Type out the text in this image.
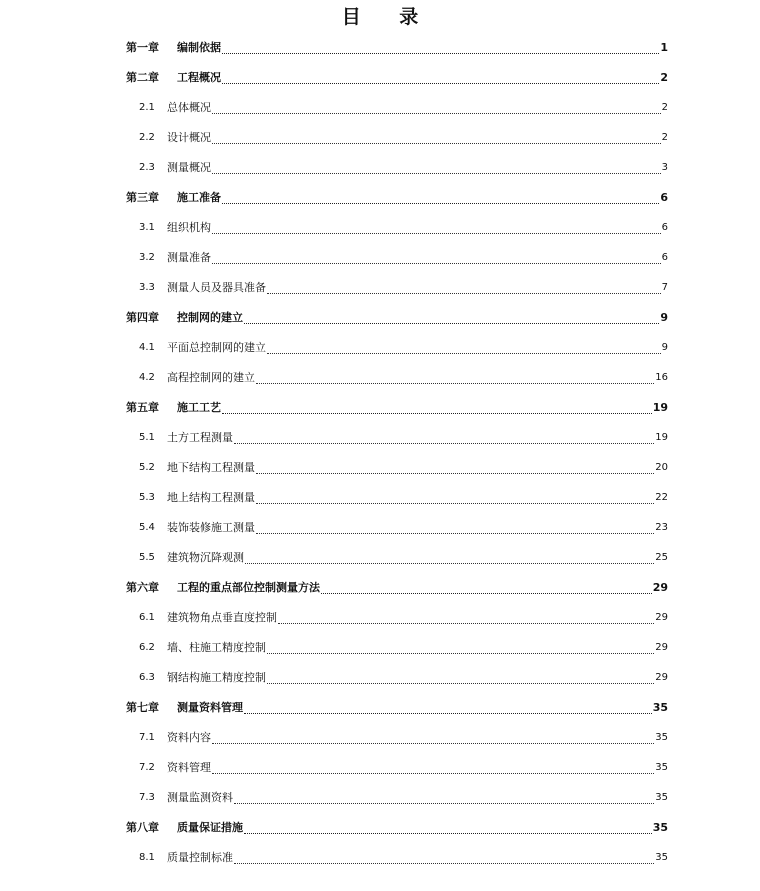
目 录
第一章	编制依据	1
第二章	工程概况	2
2.1	总体概况	2
2.2	设计概况	2
2.3	测量概况	3
第三章	施工准备	6
3.1	组织机构	6
3.2	测量准备	6
3.3	测量人员及器具准备	7
第四章	控制网的建立	9
4.1	平面总控制网的建立	9
4.2	高程控制网的建立	16
第五章	施工工艺	19
5.1	土方工程测量	19
5.2	地下结构工程测量	20
5.3	地上结构工程测量	22
5.4	装饰装修施工测量	23
5.5	建筑物沉降观测	25
第六章	工程的重点部位控制测量方法	29
6.1	建筑物角点垂直度控制	29
6.2	墙、柱施工精度控制	29
6.3	钢结构施工精度控制	29
第七章	测量资料管理	35
7.1	资料内容	35
7.2	资料管理	35
7.3	测量监测资料	35
第八章	质量保证措施	35
8.1	质量控制标准	35
